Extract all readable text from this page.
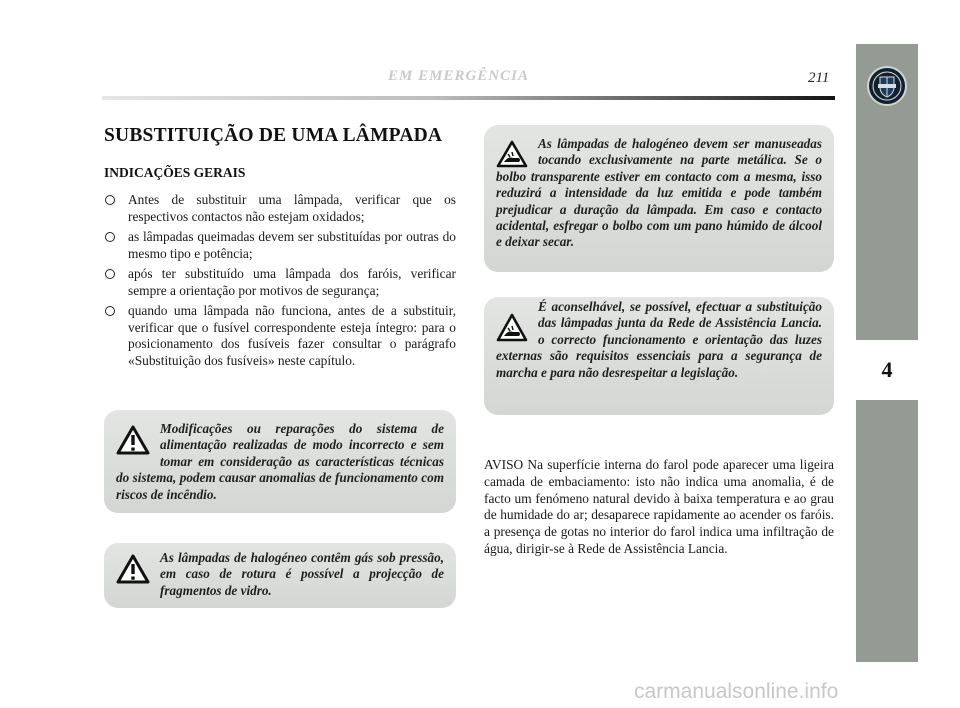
EM EMERGÊNCIA	211
4
SUBSTITUIÇÃO DE UMA LÂMPADA
INDICAÇÕES GERAIS
Antes de substituir uma lâmpada, verificar que os respectivos contactos não estejam oxidados;
as lâmpadas queimadas devem ser substituídas por outras do mesmo tipo e potência;
após ter substituído uma lâmpada dos faróis, verificar sempre a orientação por motivos de segurança;
quando uma lâmpada não funciona, antes de a substituir, verificar que o fusível correspondente esteja íntegro: para o posicionamento dos fusíveis fazer consultar o parágrafo «Substituição dos fusíveis» neste capítulo.

Modificações ou reparações do sistema de alimentação realizadas de modo incorrecto e sem tomar em consideração as características técnicas do sistema, podem causar anomalias de funcionamento com riscos de incêndio.

As lâmpadas de halogéneo contêm gás sob pressão, em caso de rotura é possível a projecção de fragmentos de vidro.

As lâmpadas de halogéneo devem ser manuseadas tocando exclusivamente na parte metálica. Se o bolbo transparente estiver em contacto com a mesma, isso reduzirá a intensidade da luz emitida e pode também prejudicar a duração da lâmpada. Em caso e contacto acidental, esfregar o bolbo com um pano húmido de álcool e deixar secar.

É aconselhável, se possível, efectuar a substituição das lâmpadas junta da Rede de Assistência Lancia. o correcto funcionamento e orientação das luzes externas são requisitos essenciais para a segurança de marcha e para não desrespeitar a legislação.

AVISO Na superfície interna do farol pode aparecer uma ligeira camada de embaciamento: isto não indica uma anomalia, é de facto um fenómeno natural devido à baixa temperatura e ao grau de humidade do ar; desaparece rapidamente ao acender os faróis. a presença de gotas no interior do farol indica uma infiltração de água, dirigir-se à Rede de Assistência Lancia.

carmanualsonline.info
